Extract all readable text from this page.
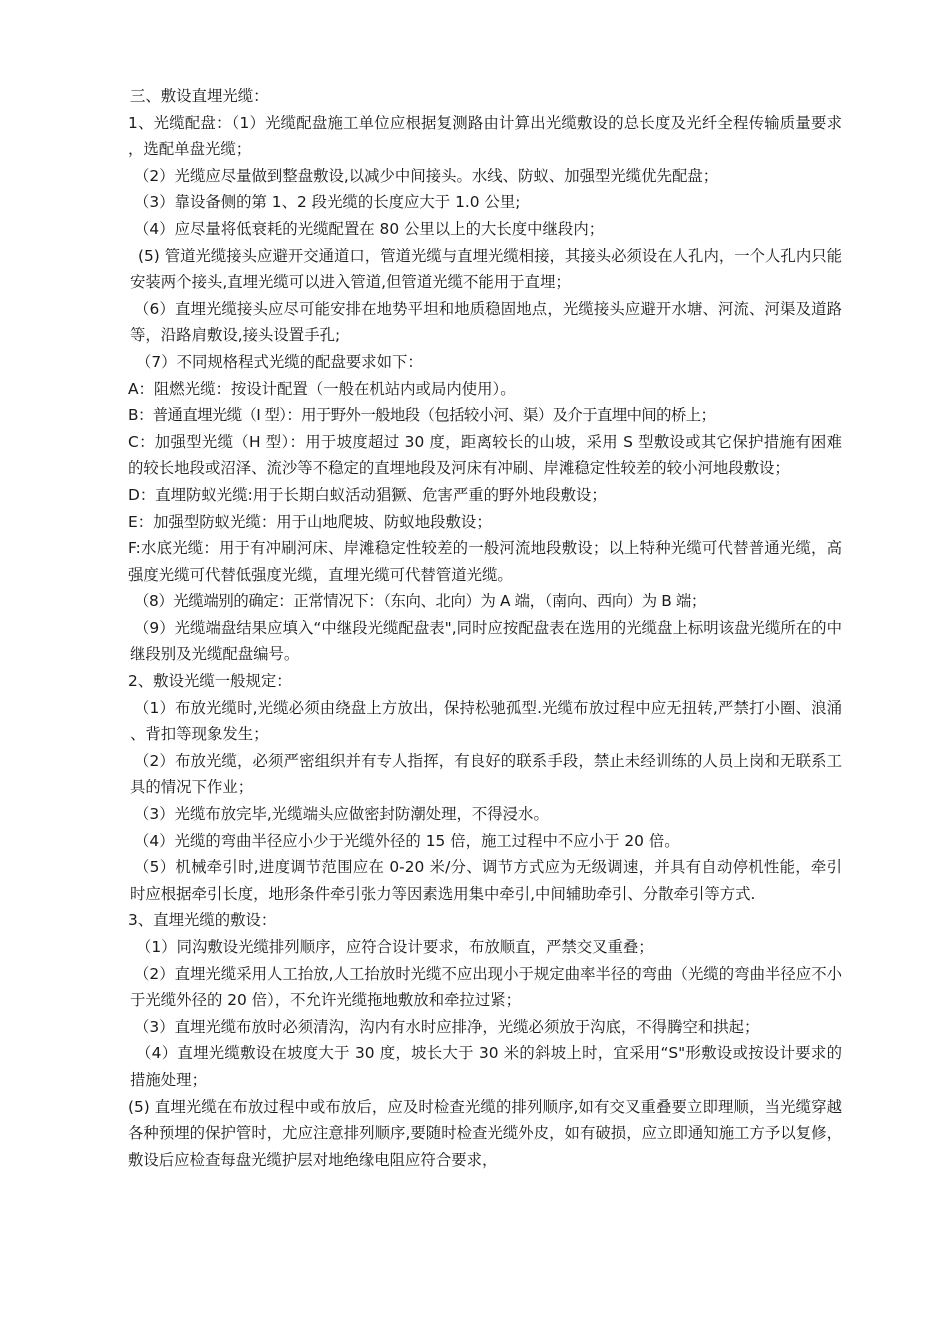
三、敷设直埋光缆：

1、光缆配盘：（1）光缆配盘施工单位应根据复测路由计算出光缆敷设的总长度及光纤全程传输质量要求，选配单盘光缆；

（2）光缆应尽量做到整盘敷设,以减少中间接头。水线、防蚁、加强型光缆优先配盘；

（3）靠设备侧的第 1、2 段光缆的长度应大于 1.0 公里;

（4）应尽量将低衰耗的光缆配置在 80 公里以上的大长度中继段内；

(5) 管道光缆接头应避开交通道口，管道光缆与直埋光缆相接，其接头必须设在人孔内，一个人孔内只能安装两个接头,直埋光缆可以进入管道,但管道光缆不能用于直埋；

（6）直埋光缆接头应尽可能安排在地势平坦和地质稳固地点，光缆接头应避开水塘、河流、河渠及道路等，沿路肩敷设,接头设置手孔;

（7）不同规格程式光缆的配盘要求如下：

A：阻燃光缆：按设计配置（一般在机站内或局内使用）。

B：普通直埋光缆（I 型）：用于野外一般地段（包括较小河、渠）及介于直埋中间的桥上；

C：加强型光缆（H 型）：用于坡度超过 30 度，距离较长的山坡，采用 S 型敷设或其它保护措施有困难的较长地段或沼泽、流沙等不稳定的直埋地段及河床有冲刷、岸滩稳定性较差的较小河地段敷设；

D：直埋防蚁光缆:用于长期白蚁活动猖獗、危害严重的野外地段敷设；

E：加强型防蚁光缆：用于山地爬坡、防蚁地段敷设；

F:水底光缆：用于有冲刷河床、岸滩稳定性较差的一般河流地段敷设；以上特种光缆可代替普通光缆，高强度光缆可代替低强度光缆，直埋光缆可代替管道光缆。

（8）光缆端别的确定：正常情况下：（东向、北向）为 A 端，（南向、西向）为 B 端；

（9）光缆端盘结果应填入“中继段光缆配盘表",同时应按配盘表在选用的光缆盘上标明该盘光缆所在的中继段别及光缆配盘编号。

2、敷设光缆一般规定：

（1）布放光缆时,光缆必须由绕盘上方放出，保持松驰孤型.光缆布放过程中应无扭转,严禁打小圈、浪涌、背扣等现象发生；

（2）布放光缆，必须严密组织并有专人指挥，有良好的联系手段，禁止未经训练的人员上岗和无联系工具的情况下作业；

（3）光缆布放完毕,光缆端头应做密封防潮处理，不得浸水。

（4）光缆的弯曲半径应小少于光缆外径的 15 倍，施工过程中不应小于 20 倍。

（5）机械牵引时,进度调节范围应在 0-20 米/分、调节方式应为无级调速，并具有自动停机性能，牵引时应根据牵引长度，地形条件牵引张力等因素选用集中牵引,中间辅助牵引、分散牵引等方式.

3、直埋光缆的敷设：

（1）同沟敷设光缆排列顺序，应符合设计要求，布放顺直，严禁交叉重叠；

（2）直埋光缆采用人工抬放,人工抬放时光缆不应出现小于规定曲率半径的弯曲（光缆的弯曲半径应不小于光缆外径的 20 倍），不允许光缆拖地敷放和牵拉过紧；

（3）直埋光缆布放时必须清沟，沟内有水时应排净，光缆必须放于沟底，不得腾空和拱起；

（4）直埋光缆敷设在坡度大于 30 度，坡长大于 30 米的斜坡上时，宜采用“S"形敷设或按设计要求的措施处理；

(5) 直埋光缆在布放过程中或布放后，应及时检查光缆的排列顺序,如有交叉重叠要立即理顺，当光缆穿越各种预埋的保护管时，尤应注意排列顺序,要随时检查光缆外皮，如有破损，应立即通知施工方予以复修，敷设后应检查每盘光缆护层对地绝缘电阻应符合要求，
